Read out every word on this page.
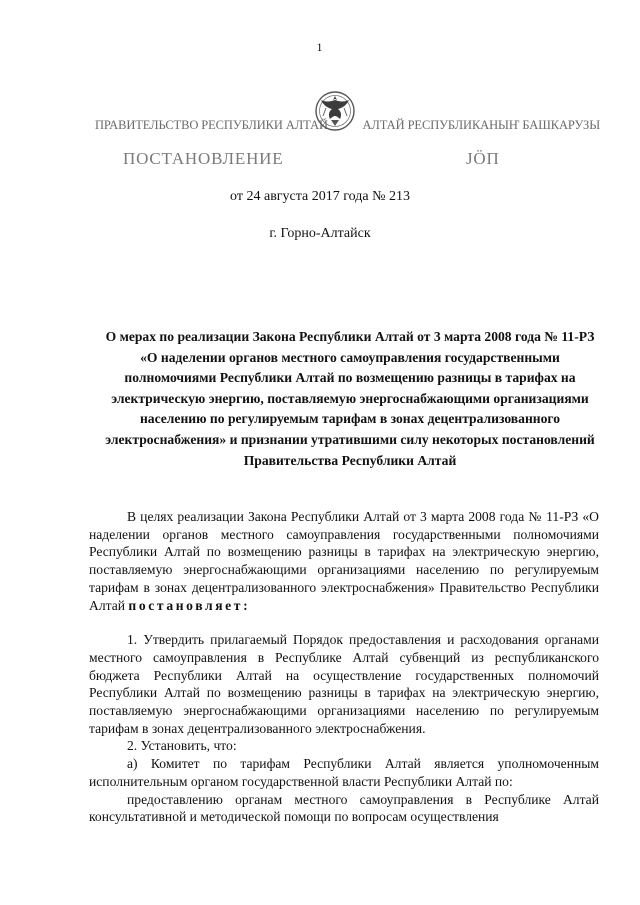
1
ПРАВИТЕЛЬСТВО РЕСПУБЛИКИ АЛТАЙ	АЛТАЙ РЕСПУБЛИКАНЫҤ БАШКАРУЗЫ
ПОСТАНОВЛЕНИЕ	JÖП
от 24 августа 2017 года № 213
г. Горно-Алтайск
О мерах по реализации Закона Республики Алтай от 3 марта 2008 года № 11-РЗ «О наделении органов местного самоуправления государственными полномочиями Республики Алтай по возмещению разницы в тарифах на электрическую энергию, поставляемую энергоснабжающими организациями населению по регулируемым тарифам в зонах децентрализованного электроснабжения» и признании утратившими силу некоторых постановлений Правительства Республики Алтай

В целях реализации Закона Республики Алтай от 3 марта 2008 года № 11-РЗ «О наделении органов местного самоуправления государственными полномочиями Республики Алтай по возмещению разницы в тарифах на электрическую энергию, поставляемую энергоснабжающими организациями населению по регулируемым тарифам в зонах децентрализованного электроснабжения» Правительство Республики Алтай постановляет:

1. Утвердить прилагаемый Порядок предоставления и расходования органами местного самоуправления в Республике Алтай субвенций из республиканского бюджета Республики Алтай на осуществление государственных полномочий Республики Алтай по возмещению разницы в тарифах на электрическую энергию, поставляемую энергоснабжающими организациями населению по регулируемым тарифам в зонах децентрализованного электроснабжения.

2. Установить, что:

а) Комитет по тарифам Республики Алтай является уполномоченным исполнительным органом государственной власти Республики Алтай по:

предоставлению органам местного самоуправления в Республике Алтай консультативной и методической помощи по вопросам осуществления
